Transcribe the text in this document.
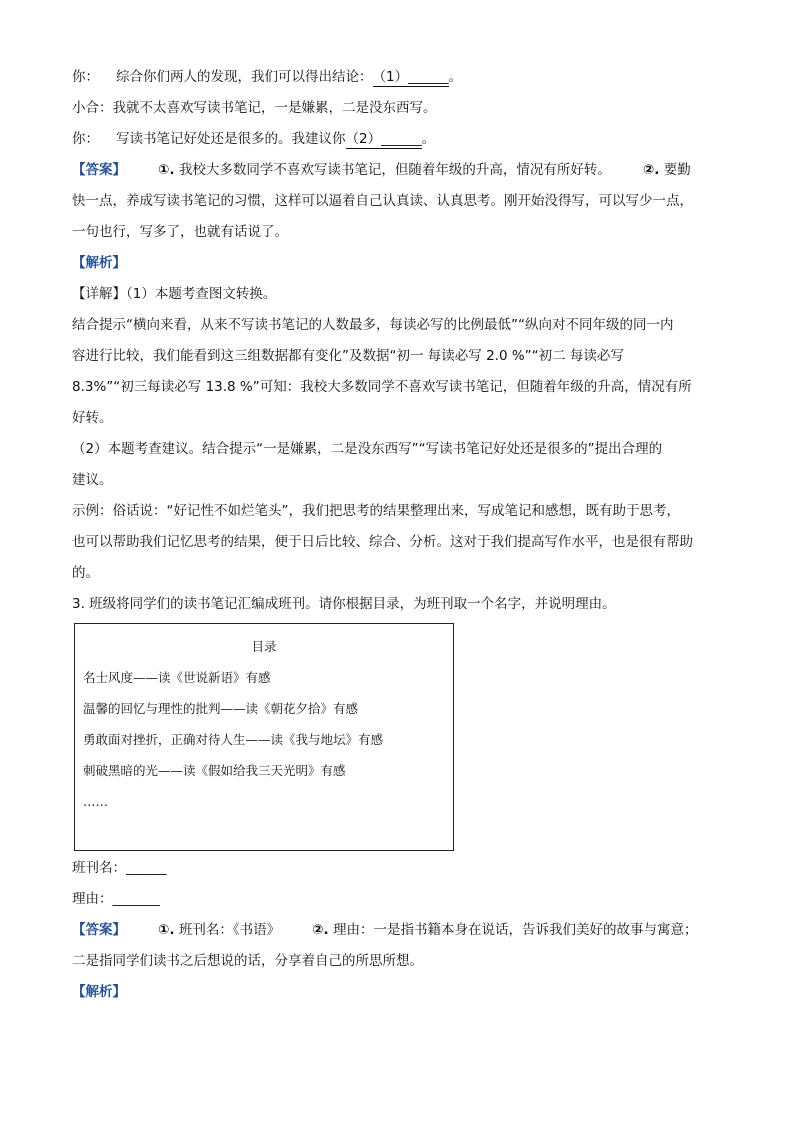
你： 综合你们两人的发现，我们可以得出结论：（1）______。
小合：我就不太喜欢写读书笔记，一是嫌累，二是没东西写。
你： 写读书笔记好处还是很多的。我建议你（2）______。
【答案】 ①. 我校大多数同学不喜欢写读书笔记，但随着年级的升高，情况有所好转。 ②. 要勤
快一点，养成写读书笔记的习惯，这样可以逼着自己认真读、认真思考。刚开始没得写，可以写少一点，
一句也行，写多了，也就有话说了。
【解析】
【详解】（1）本题考查图文转换。
结合提示“横向来看，从来不写读书笔记的人数最多，每读必写的比例最低”“纵向对不同年级的同一内
容进行比较，我们能看到这三组数据都有变化”及数据“初一 每读必写 2.0 %”“初二 每读必写
8.3%”“初三每读必写 13.8 %”可知：我校大多数同学不喜欢写读书笔记，但随着年级的升高，情况有所
好转。
（2）本题考查建议。结合提示“一是嫌累，二是没东西写”“写读书笔记好处还是很多的”提出合理的
建议。
示例：俗话说：“好记性不如烂笔头”，我们把思考的结果整理出来，写成笔记和感想，既有助于思考，
也可以帮助我们记忆思考的结果，便于日后比较、综合、分析。这对于我们提高写作水平，也是很有帮助
的。
3. 班级将同学们的读书笔记汇编成班刊。请你根据目录，为班刊取一个名字，并说明理由。
目录
名士风度——读《世说新语》有感
温馨的回忆与理性的批判——读《朝花夕拾》有感
勇敢面对挫折，正确对待人生——读《我与地坛》有感
刺破黑暗的光——读《假如给我三天光明》有感
……
班刊名：______
理由：_______
【答案】 ①. 班刊名：《书语》 ②. 理由：一是指书籍本身在说话，告诉我们美好的故事与寓意；
二是指同学们读书之后想说的话，分享着自己的所思所想。
【解析】
